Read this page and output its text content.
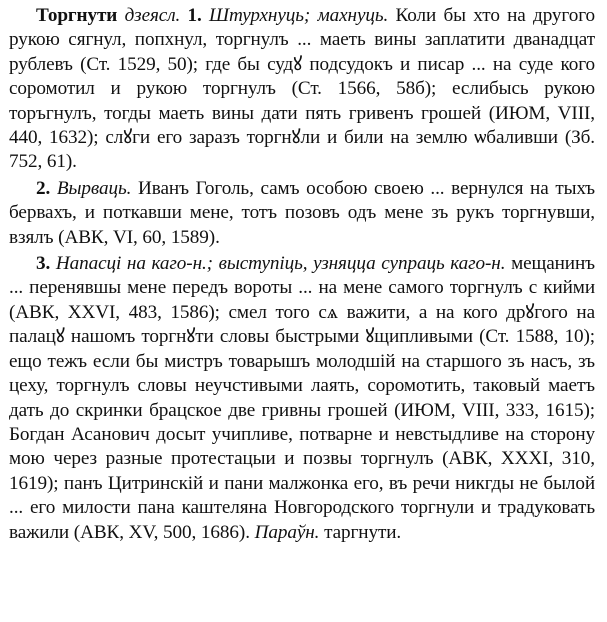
Торгнути дзеясл. 1. Штурхнуць; махнуць. Коли бы хто на другого рукою сягнул, попхнул, торгнулъ ... маеть вины заплатити дванадцат рублевъ (Ст. 1529, 50); где бы судꙋ подсудокъ и писар ... на суде кого соромотил и рукою торгнулъ (Ст. 1566, 58б); еслибысь рукою торъгнулъ, тогды маеть вины дати пять гривенъ грошей (ИЮМ, VIII, 440, 1632); слꙋги его заразъ торгнꙋли и били на землю ѡбаливши (Зб. 752, 61).

2. Вырваць. Иванъ Гоголь, самъ особою своею ... вернулся на тыхъ бервахъ, и поткавши мене, тотъ позовъ одъ мене зъ рукъ торгнувши, взялъ (АВК, VI, 60, 1589).

3. Напасці на каго-н.; выступіць, узняцца супраць каго-н. мещанинъ ... перенявшы мене передъ вороты ... на мене самого торгнулъ с кийми (АВК, XXVI, 483, 1586); смел того сѧ важити, а на кого дрꙋгого на палацꙋ нашомъ торгнꙋти словы быстрыми ꙋщипливыми (Ст. 1588, 10); ещо тежъ если бы мистръ товарышъ молодшій на старшого зъ насъ, зъ цеху, торгнулъ словы неучстивыми лаять, соромотить, таковый маетъ дать до скринки брацское две гривны грошей (ИЮМ, VIII, 333, 1615); Богдан Асанович досыт учипливе, потварне и невстыдливе на сторону мою через разные протестацыи и позвы торгнулъ (АВК, XXXI, 310, 1619); панъ Цитринскій и пани малжонка его, въ речи никгды не былой ... его милости пана каштеляна Новгородского торгнули и традуковать важили (АВК, XV, 500, 1686). Параўн. таргнути.
